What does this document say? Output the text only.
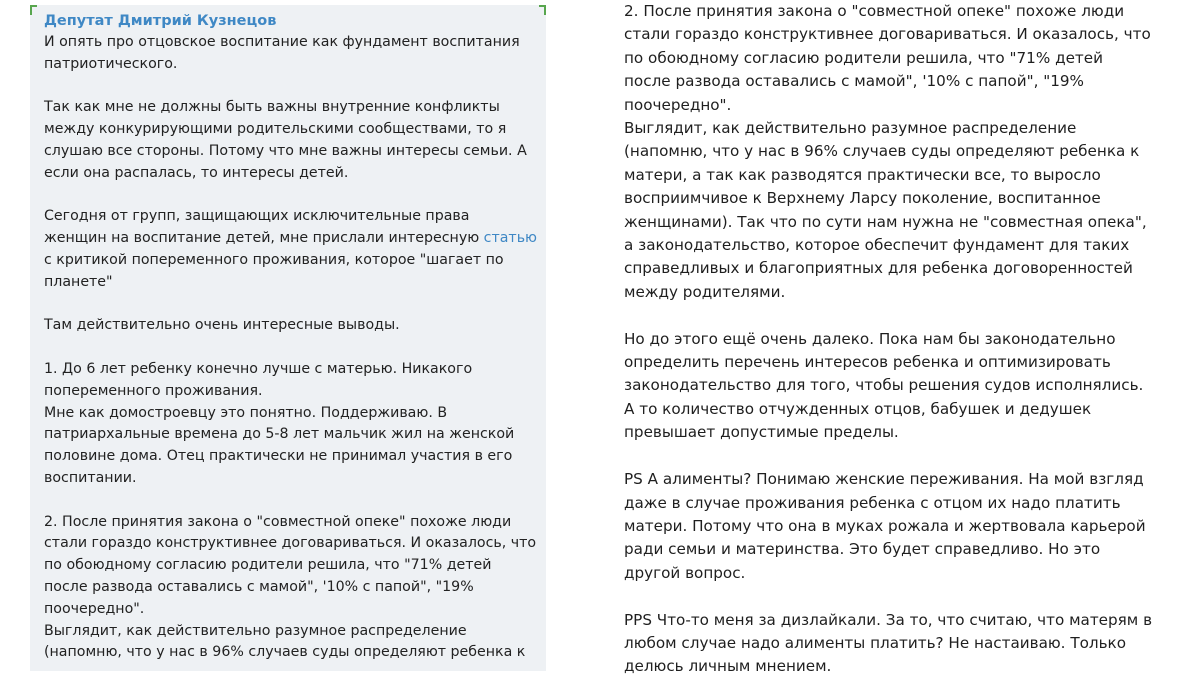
Депутат Дмитрий Кузнецов

И опять про отцовское воспитание как фундамент воспитания
патриотического.

Так как мне не должны быть важны внутренние конфликты
между конкурирующими родительскими сообществами, то я
слушаю все стороны. Потому что мне важны интересы семьи. А
если она распалась, то интересы детей.

Сегодня от групп, защищающих исключительные права
женщин на воспитание детей, мне прислали интересную статью
с критикой попеременного проживания, которое "шагает по
планете"

Там действительно очень интересные выводы.

1. До 6 лет ребенку конечно лучше с матерью. Никакого
попеременного проживания.
Мне как домостроевцу это понятно. Поддерживаю. В
патриархальные времена до 5-8 лет мальчик жил на женской
половине дома. Отец практически не принимал участия в его
воспитании.

2. После принятия закона о "совместной опеке" похоже люди
стали гораздо конструктивнее договариваться. И оказалось, что
по обоюдному согласию родители решила, что "71% детей
после развода оставались с мамой", '10% с папой", "19%
поочередно".
Выглядит, как действительно разумное распределение
(напомню, что у нас в 96% случаев суды определяют ребенка к

2. После принятия закона о "совместной опеке" похоже люди
стали гораздо конструктивнее договариваться. И оказалось, что
по обоюдному согласию родители решила, что "71% детей
после развода оставались с мамой", '10% с папой", "19%
поочередно".
Выглядит, как действительно разумное распределение
(напомню, что у нас в 96% случаев суды определяют ребенка к
матери, а так как разводятся практически все, то выросло
восприимчивое к Верхнему Ларсу поколение, воспитанное
женщинами). Так что по сути нам нужна не "совместная опека",
а законодательство, которое обеспечит фундамент для таких
справедливых и благоприятных для ребенка договоренностей
между родителями.

Но до этого ещё очень далеко. Пока нам бы законодательно
определить перечень интересов ребенка и оптимизировать
законодательство для того, чтобы решения судов исполнялись.
А то количество отчужденных отцов, бабушек и дедушек
превышает допустимые пределы.

PS А алименты? Понимаю женские переживания. На мой взгляд
даже в случае проживания ребенка с отцом их надо платить
матери. Потому что она в муках рожала и жертвовала карьерой
ради семьи и материнства. Это будет справедливо. Но это
другой вопрос.

PPS Что-то меня за дизлайкали. За то, что считаю, что матерям в
любом случае надо алименты платить? Не настаиваю. Только
делюсь личным мнением.
